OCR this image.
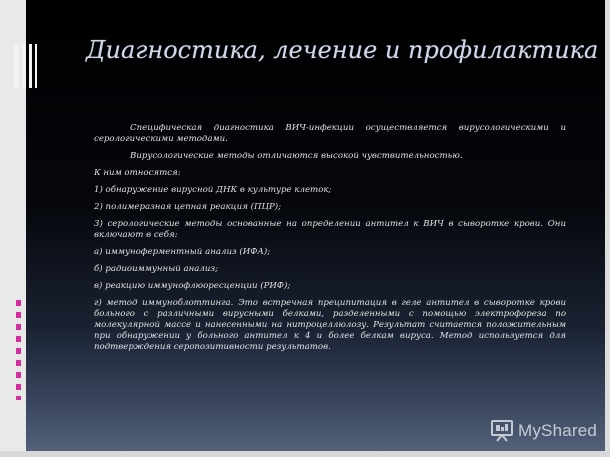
Диагностика, лечение и профилактика

Специфическая диагностика ВИЧ-инфекции осуществляется вирусологическими и серологическими методами.

Вирусологические методы отличаются высокой чувствительностью.

К ним относятся:

1) обнаружение вирусной ДНК в культуре клеток;

2) полимеразная цепная реакция (ПЦР);

3) серологические методы основанные на определении антител к ВИЧ в сыворотке крови. Они включают в себя:

а) иммуноферментный анализ (ИФА);

б) радиоиммунный анализ;

в) реакцию иммунофлюоресценции (РИФ);

г) метод иммуноблоттинга. Это встречная преципитация в геле антител в сыворотке крови больного с различными вирусными белками, разделенными с помощью электрофореза по молекулярной массе и нанесенными на нитроцеллюлозу. Результат считается положительным при обнаружении у больного антител к 4 и более белкам вируса. Метод используется для подтверждения серопозитивности результатов.

MyShared
